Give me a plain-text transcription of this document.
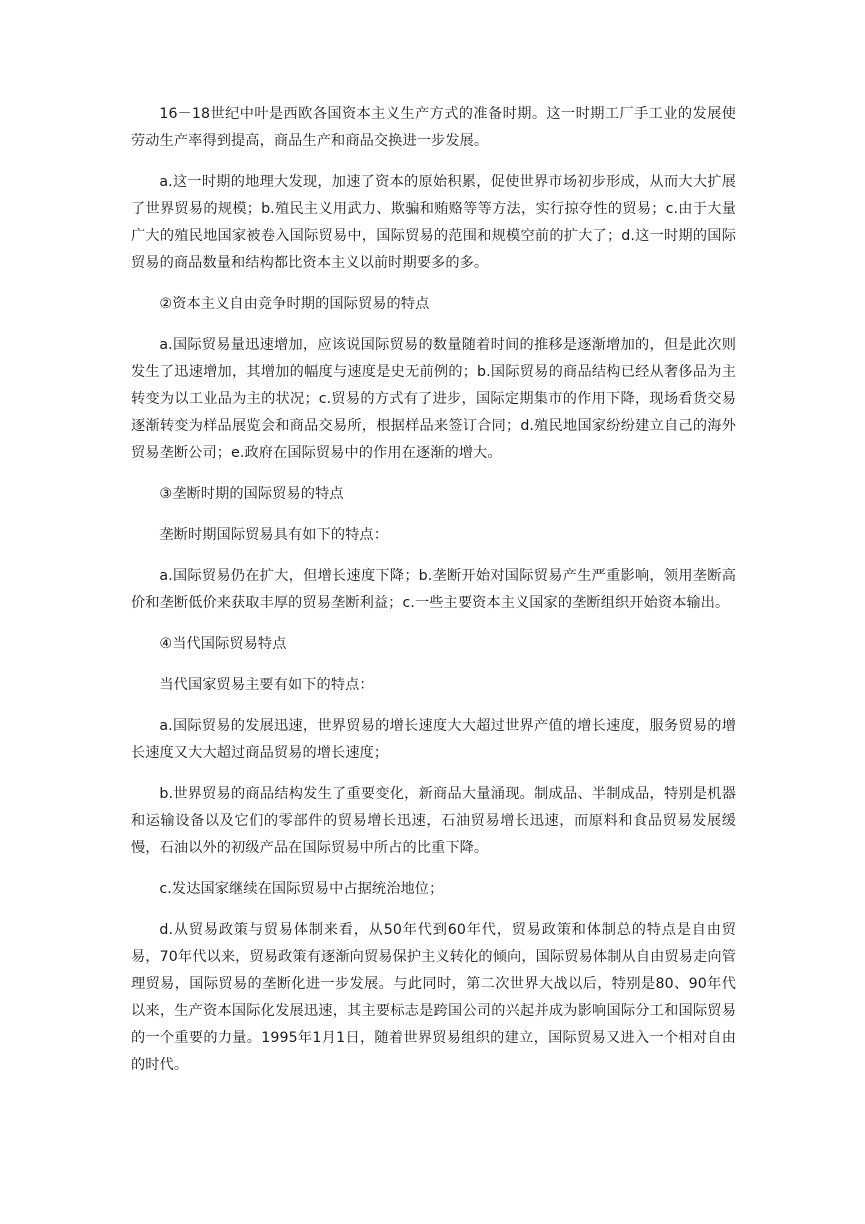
16－18世纪中叶是西欧各国资本主义生产方式的准备时期。这一时期工厂手工业的发展使劳动生产率得到提高，商品生产和商品交换进一步发展。

a.这一时期的地理大发现，加速了资本的原始积累，促使世界市场初步形成，从而大大扩展了世界贸易的规模；b.殖民主义用武力、欺骗和贿赂等等方法，实行掠夺性的贸易；c.由于大量广大的殖民地国家被卷入国际贸易中，国际贸易的范围和规模空前的扩大了；d.这一时期的国际贸易的商品数量和结构都比资本主义以前时期要多的多。

②资本主义自由竞争时期的国际贸易的特点

a.国际贸易量迅速增加，应该说国际贸易的数量随着时间的推移是逐渐增加的，但是此次则发生了迅速增加，其增加的幅度与速度是史无前例的；b.国际贸易的商品结构已经从奢侈品为主转变为以工业品为主的状况；c.贸易的方式有了进步，国际定期集市的作用下降，现场看货交易逐渐转变为样品展览会和商品交易所，根据样品来签订合同；d.殖民地国家纷纷建立自己的海外贸易垄断公司；e.政府在国际贸易中的作用在逐渐的增大。

③垄断时期的国际贸易的特点

垄断时期国际贸易具有如下的特点：

a.国际贸易仍在扩大，但增长速度下降；b.垄断开始对国际贸易产生严重影响，领用垄断高价和垄断低价来获取丰厚的贸易垄断利益；c.一些主要资本主义国家的垄断组织开始资本输出。

④当代国际贸易特点

当代国家贸易主要有如下的特点：

a.国际贸易的发展迅速，世界贸易的增长速度大大超过世界产值的增长速度，服务贸易的增长速度又大大超过商品贸易的增长速度；

b.世界贸易的商品结构发生了重要变化，新商品大量涌现。制成品、半制成品，特别是机器和运输设备以及它们的零部件的贸易增长迅速，石油贸易增长迅速，而原料和食品贸易发展缓慢，石油以外的初级产品在国际贸易中所占的比重下降。

c.发达国家继续在国际贸易中占据统治地位；

d.从贸易政策与贸易体制来看，从50年代到60年代，贸易政策和体制总的特点是自由贸易，70年代以来，贸易政策有逐渐向贸易保护主义转化的倾向，国际贸易体制从自由贸易走向管理贸易，国际贸易的垄断化进一步发展。与此同时，第二次世界大战以后，特别是80、90年代以来，生产资本国际化发展迅速，其主要标志是跨国公司的兴起并成为影响国际分工和国际贸易的一个重要的力量。1995年1月1日，随着世界贸易组织的建立，国际贸易又进入一个相对自由的时代。
